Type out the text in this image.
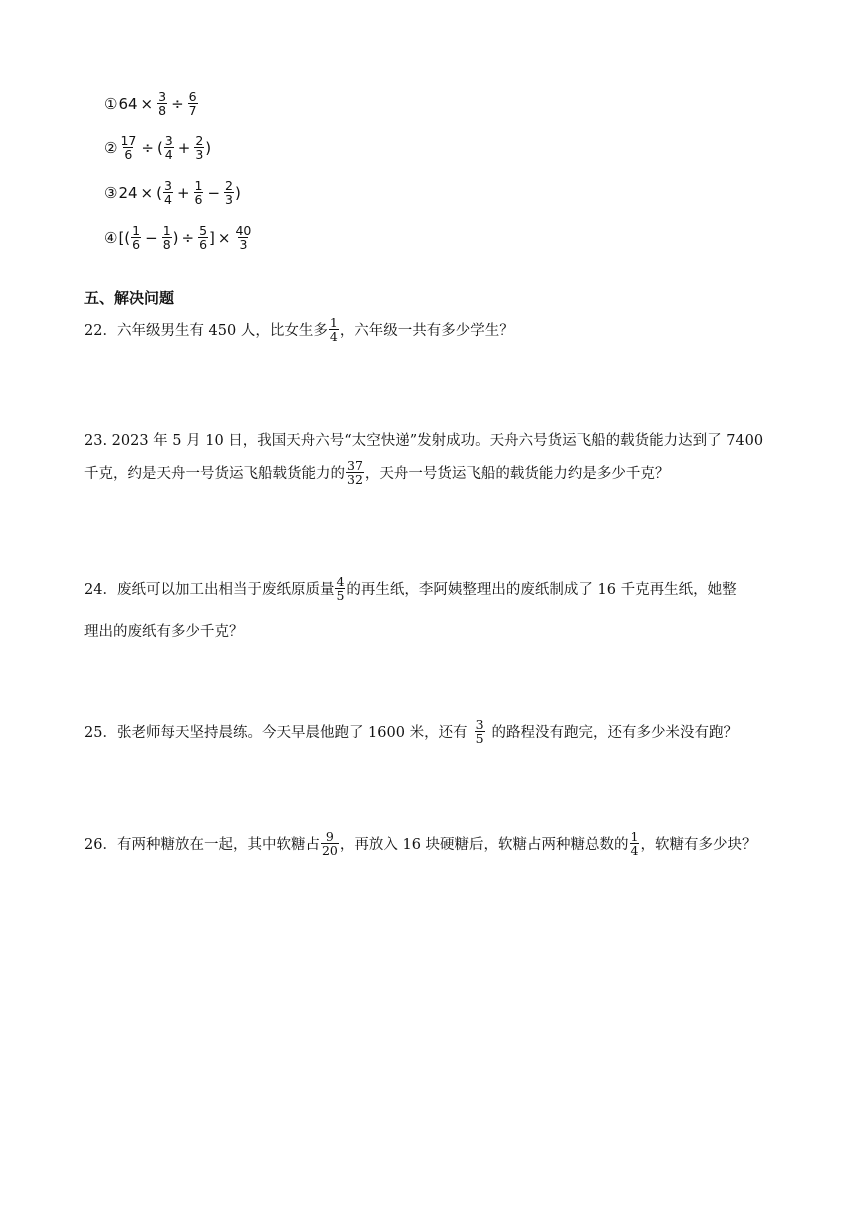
① $64 \times \frac{3}{8} \div \frac{6}{7}$
② $\frac{17}{6}$ ÷ ( $\frac{3}{4} + \frac{2}{3}$ )
③ 24 × ( $\frac{3}{4} + \frac{1}{6} - \frac{2}{3}$ )
④ [( $\frac{1}{6} - \frac{1}{8}$ ) ÷ $\frac{5}{6}$ ] × $\frac{40}{3}$
五、解决问题
22．六年级男生有 450 人，比女生多 $\frac{1}{4}$ ，六年级一共有多少学生？
23. 2023 年 5 月 10 日，我国天舟六号“太空快递”发射成功。天舟六号货运飞船的载货能力达到了 7400
千克，约是天舟一号货运飞船载货能力的 $\frac{37}{32}$ ，天舟一号货运飞船的载货能力约是多少千克？
24．废纸可以加工出相当于废纸原质量 $\frac{4}{5}$ 的再生纸，李阿姨整理出的废纸制成了 16 千克再生纸，她整
理出的废纸有多少千克？
25．张老师每天坚持晨练。今天早晨他跑了 1600 米，还有 $\frac{3}{5}$ 的路程没有跑完，还有多少米没有跑？
26．有两种糖放在一起，其中软糖占 $\frac{9}{20}$ ，再放入 16 块硬糖后，软糖占两种糖总数的 $\frac{1}{4}$ ，软糖有多少块？
